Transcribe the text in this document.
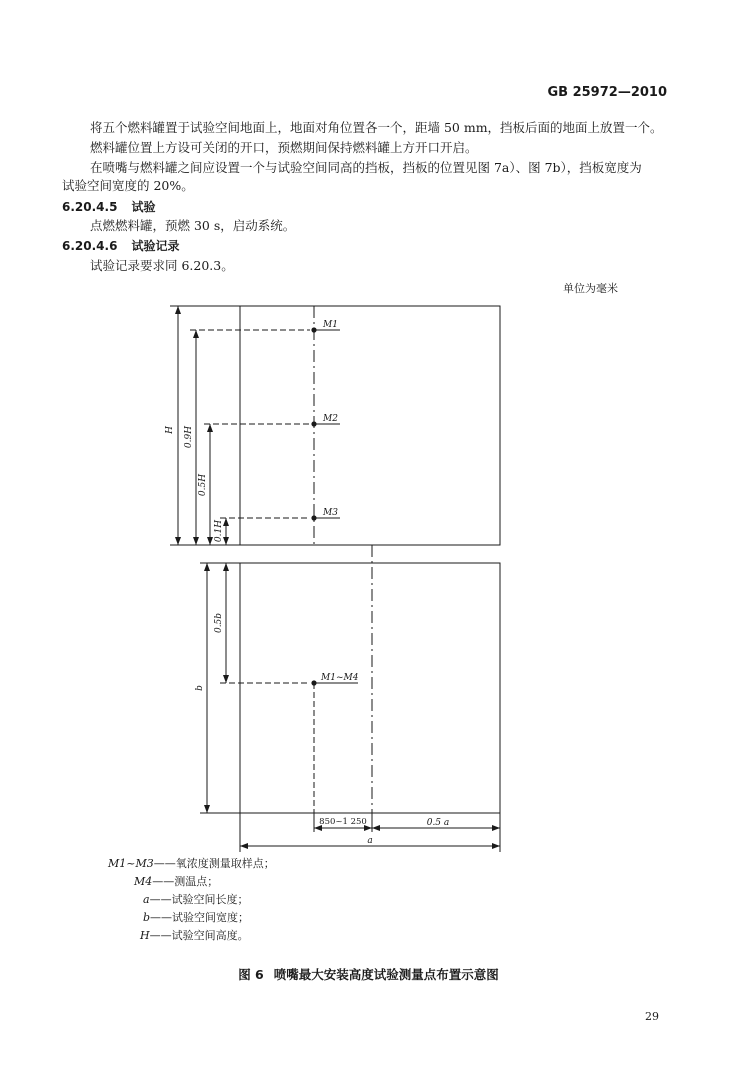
GB 25972—2010
将五个燃料罐置于试验空间地面上，地面对角位置各一个，距墙 50 mm，挡板后面的地面上放置一个。
燃料罐位置上方设可关闭的开口，预燃期间保持燃料罐上方开口开启。
在喷嘴与燃料罐之间应设置一个与试验空间同高的挡板，挡板的位置见图 7a）、图 7b），挡板宽度为
试验空间宽度的 20%。
6.20.4.5 试验
点燃燃料罐，预燃 30 s，启动系统。
6.20.4.6 试验记录
试验记录要求同 6.20.3。
单位为毫米
H 0.9H
0.5H
0.1H
M1
M2
M3
b
0.5b
M1~M4
850~1 250	0.5 a
a
M1~M3——氧浓度测量取样点；
M4——测温点；
a——试验空间长度；
b——试验空间宽度；
H——试验空间高度。
图 6 喷嘴最大安装高度试验测量点布置示意图
29
